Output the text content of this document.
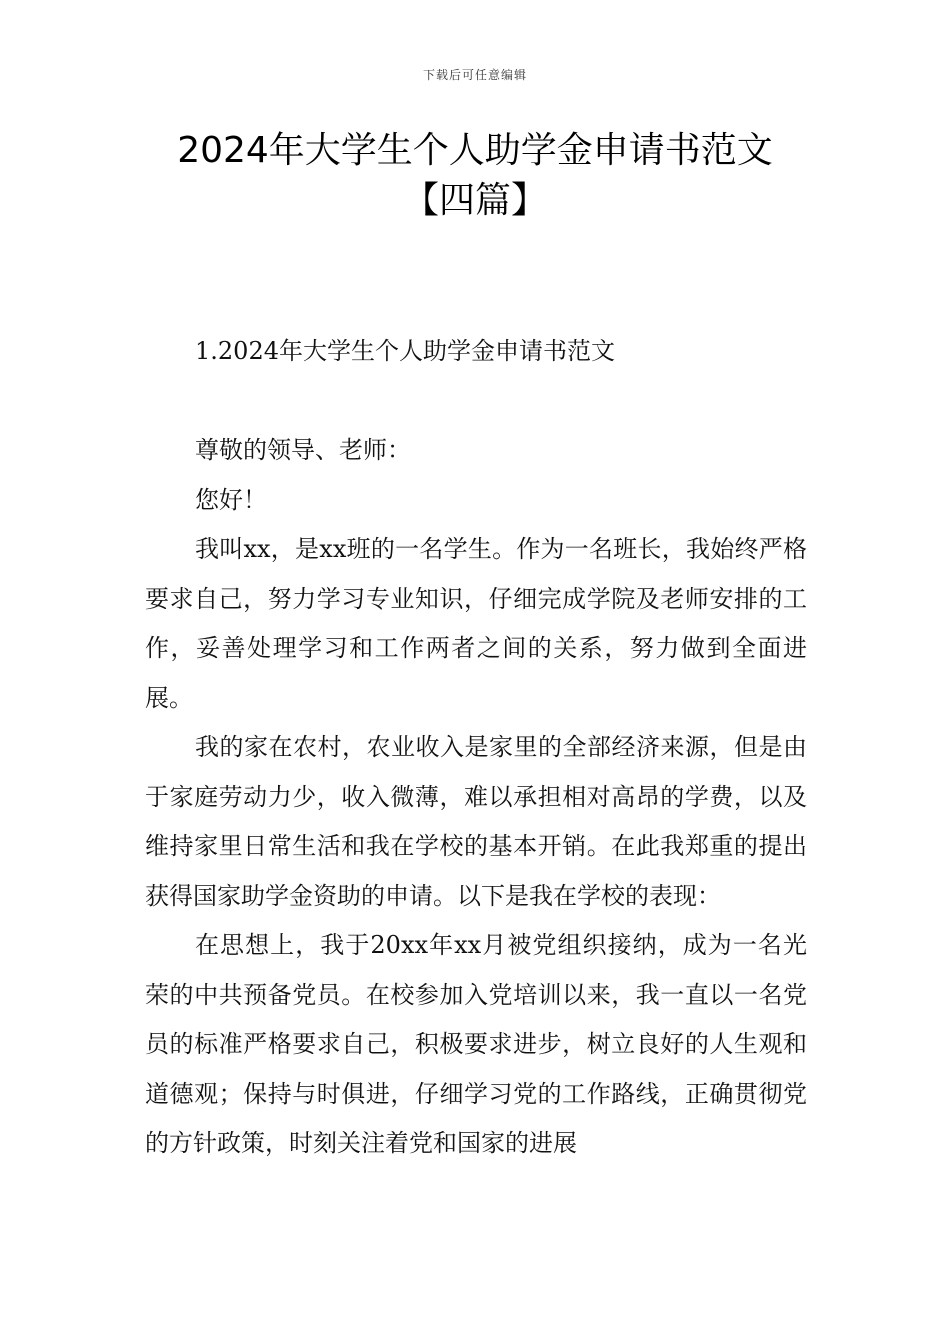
下载后可任意编辑
2024年大学生个人助学金申请书范文【四篇】
1.2024年大学生个人助学金申请书范文

尊敬的领导、老师：

您好！

我叫xx，是xx班的一名学生。作为一名班长，我始终严格要求自己，努力学习专业知识，仔细完成学院及老师安排的工作，妥善处理学习和工作两者之间的关系，努力做到全面进展。

我的家在农村，农业收入是家里的全部经济来源，但是由于家庭劳动力少，收入微薄，难以承担相对高昂的学费，以及维持家里日常生活和我在学校的基本开销。在此我郑重的提出获得国家助学金资助的申请。以下是我在学校的表现：

在思想上，我于20xx年xx月被党组织接纳，成为一名光荣的中共预备党员。在校参加入党培训以来，我一直以一名党员的标准严格要求自己，积极要求进步，树立良好的人生观和道德观；保持与时俱进，仔细学习党的工作路线，正确贯彻党的方针政策，时刻关注着党和国家的进展
